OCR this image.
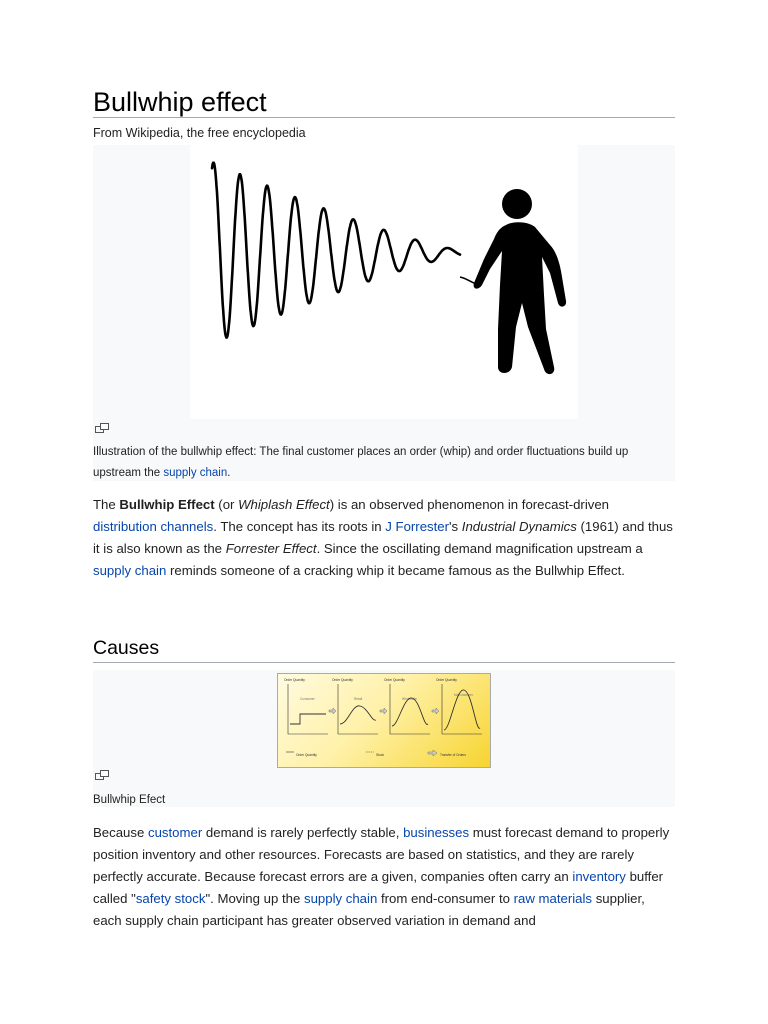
Bullwhip effect
From Wikipedia, the free encyclopedia
Illustration of the bullwhip effect: The final customer places an order (whip) and order fluctuations build up upstream the supply chain.
The Bullwhip Effect (or Whiplash Effect) is an observed phenomenon in forecast-driven distribution channels. The concept has its roots in J Forrester's Industrial Dynamics (1961) and thus it is also known as the Forrester Effect. Since the oscillating demand magnification upstream a supply chain reminds someone of a cracking whip it became famous as the Bullwhip Effect.
Causes
Order Quantity	Order Quantity	Order Quantity	Order Quantity
Consumer	Retail	Wholesale
Manufacturer
Order Quantity	Stock	Transfer of Orders
Bullwhip Efect
Because customer demand is rarely perfectly stable, businesses must forecast demand to properly position inventory and other resources. Forecasts are based on statistics, and they are rarely perfectly accurate. Because forecast errors are a given, companies often carry an inventory buffer called "safety stock". Moving up the supply chain from end-consumer to raw materials supplier, each supply chain participant has greater observed variation in demand and
